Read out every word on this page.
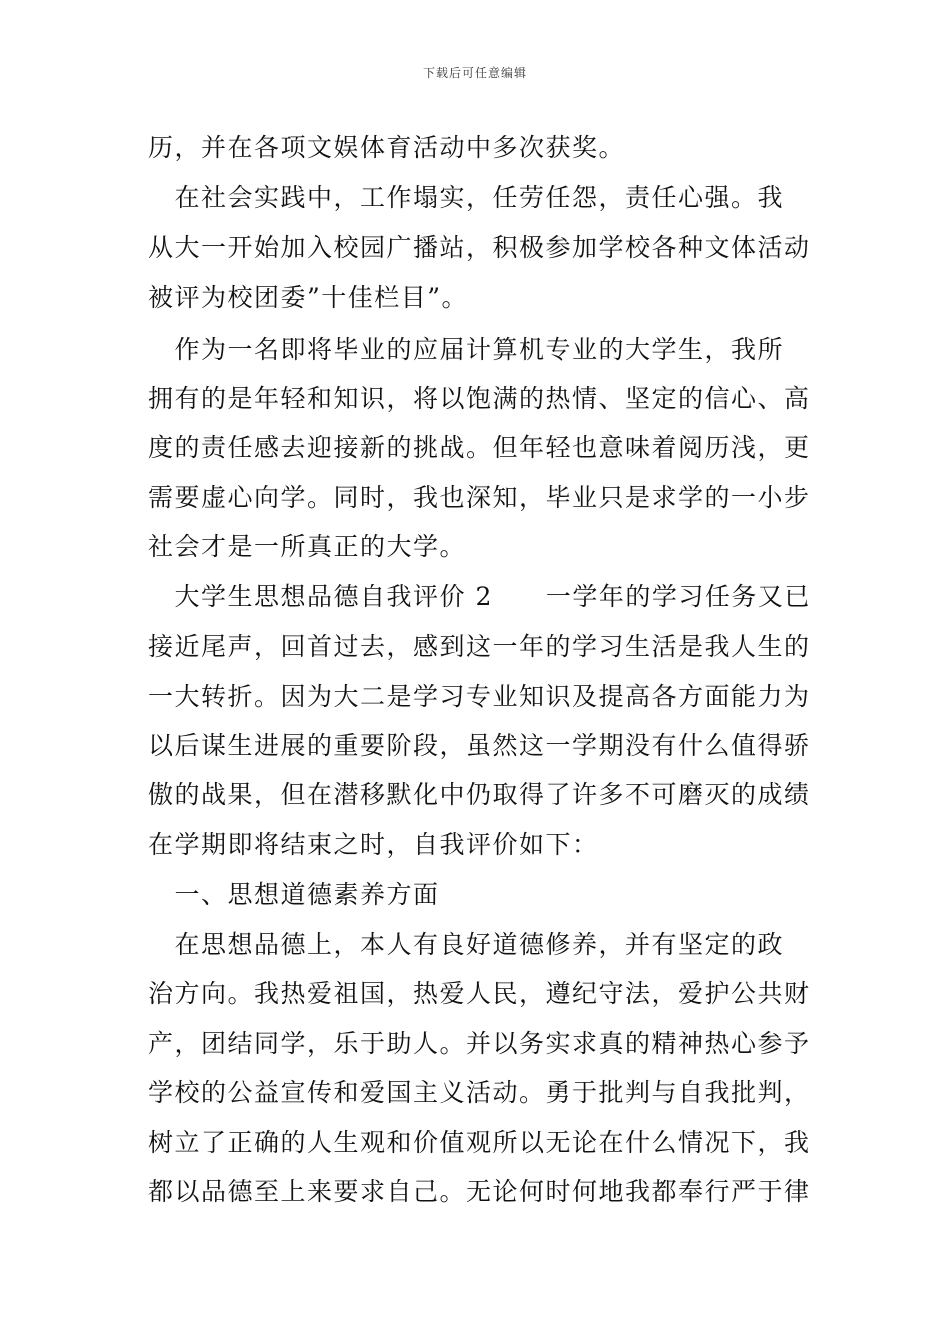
下载后可任意编辑
历，并在各项文娱体育活动中多次获奖。
　在社会实践中，工作塌实，任劳任怨，责任心强。我
从大一开始加入校园广播站，积极参加学校各种文体活动
被评为校团委”十佳栏目”。
　作为一名即将毕业的应届计算机专业的大学生，我所
拥有的是年轻和知识，将以饱满的热情、坚定的信心、高
度的责任感去迎接新的挑战。但年轻也意味着阅历浅，更
需要虚心向学。同时，我也深知，毕业只是求学的一小步
社会才是一所真正的大学。
　大学生思想品德自我评价 2　　一学年的学习任务又已
接近尾声，回首过去，感到这一年的学习生活是我人生的
一大转折。因为大二是学习专业知识及提高各方面能力为
以后谋生进展的重要阶段，虽然这一学期没有什么值得骄
傲的战果，但在潜移默化中仍取得了许多不可磨灭的成绩
在学期即将结束之时，自我评价如下：
　一、思想道德素养方面
　在思想品德上，本人有良好道德修养，并有坚定的政
治方向。我热爱祖国，热爱人民，遵纪守法，爱护公共财
产，团结同学，乐于助人。并以务实求真的精神热心参予
学校的公益宣传和爱国主义活动。勇于批判与自我批判，
树立了正确的人生观和价值观所以无论在什么情况下，我
都以品德至上来要求自己。无论何时何地我都奉行严于律
